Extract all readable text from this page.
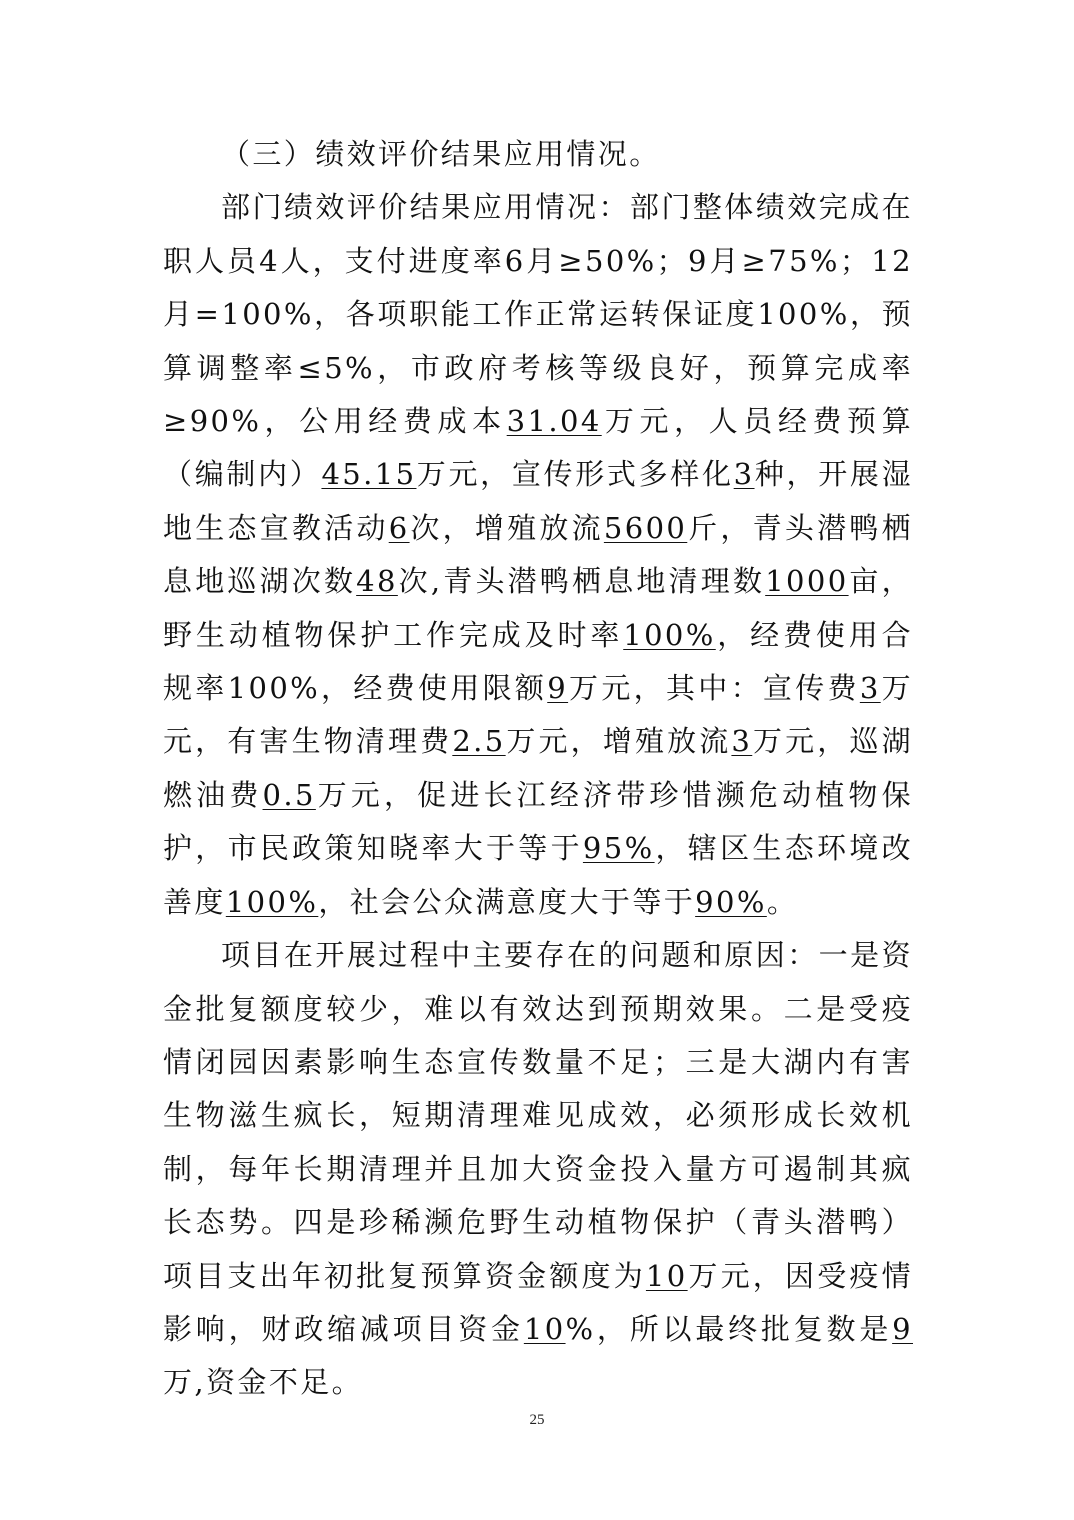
（三）绩效评价结果应用情况。

部门绩效评价结果应用情况：部门整体绩效完成在职人员4人，支付进度率6月≥50%；9月≥75%；12月=100%，各项职能工作正常运转保证度100%，预算调整率≤5%，市政府考核等级良好，预算完成率≥90%，公用经费成本31.04万元，人员经费预算（编制内）45.15万元，宣传形式多样化3种，开展湿地生态宣教活动6次，增殖放流5600斤，青头潜鸭栖息地巡湖次数48次,青头潜鸭栖息地清理数1000亩，野生动植物保护工作完成及时率100%，经费使用合规率100%，经费使用限额9万元，其中：宣传费3万元，有害生物清理费2.5万元，增殖放流3万元，巡湖燃油费0.5万元，促进长江经济带珍惜濒危动植物保护，市民政策知晓率大于等于95%，辖区生态环境改善度100%，社会公众满意度大于等于90%。

项目在开展过程中主要存在的问题和原因：一是资金批复额度较少，难以有效达到预期效果。二是受疫情闭园因素影响生态宣传数量不足；三是大湖内有害生物滋生疯长，短期清理难见成效，必须形成长效机制，每年长期清理并且加大资金投入量方可遏制其疯长态势。四是珍稀濒危野生动植物保护（青头潜鸭）项目支出年初批复预算资金额度为10万元，因受疫情影响，财政缩减项目资金10%，所以最终批复数是9万,资金不足。

25
